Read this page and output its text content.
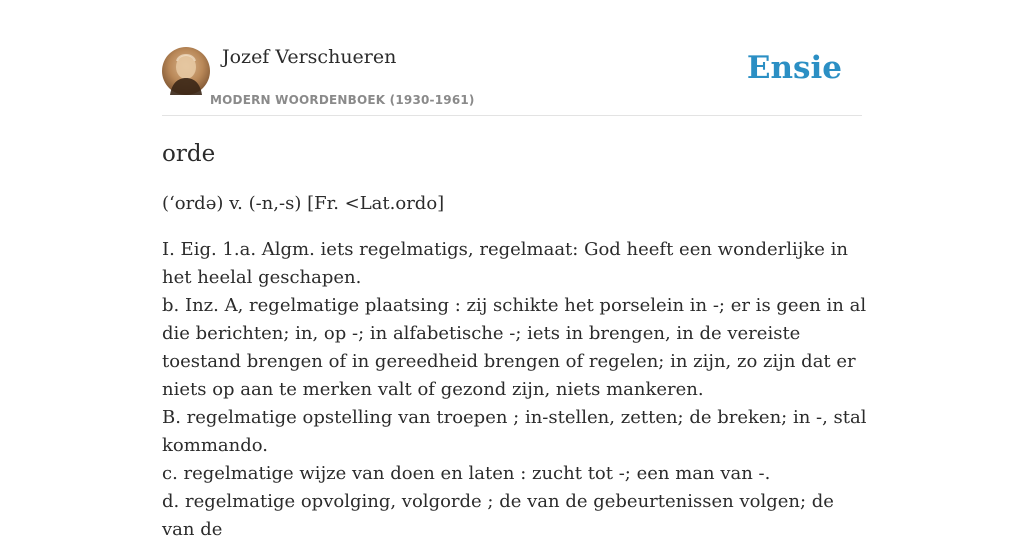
Jozef Verschueren
MODERN WOORDENBOEK (1930-1961)
Ensie
orde

(‘ordə) v. (-n,-s) [Fr. <Lat.ordo]

I. Eig. 1.a. Algm. iets regelmatigs, regelmaat: God heeft een wonderlijke in het heelal geschapen.

b. Inz. A, regelmatige plaatsing : zij schikte het porselein in -; er is geen in al die berichten; in, op -; in alfabetische -; iets in brengen, in de vereiste toestand brengen of in gereedheid brengen of regelen; in zijn, zo zijn dat er niets op aan te merken valt of gezond zijn, niets mankeren.

B. regelmatige opstelling van troepen ; in-stellen, zetten; de breken; in -, stal kommando.

c. regelmatige wijze van doen en laten : zucht tot -; een man van -.

d. regelmatige opvolging, volgorde ; de van de gebeurtenissen volgen; de van de
